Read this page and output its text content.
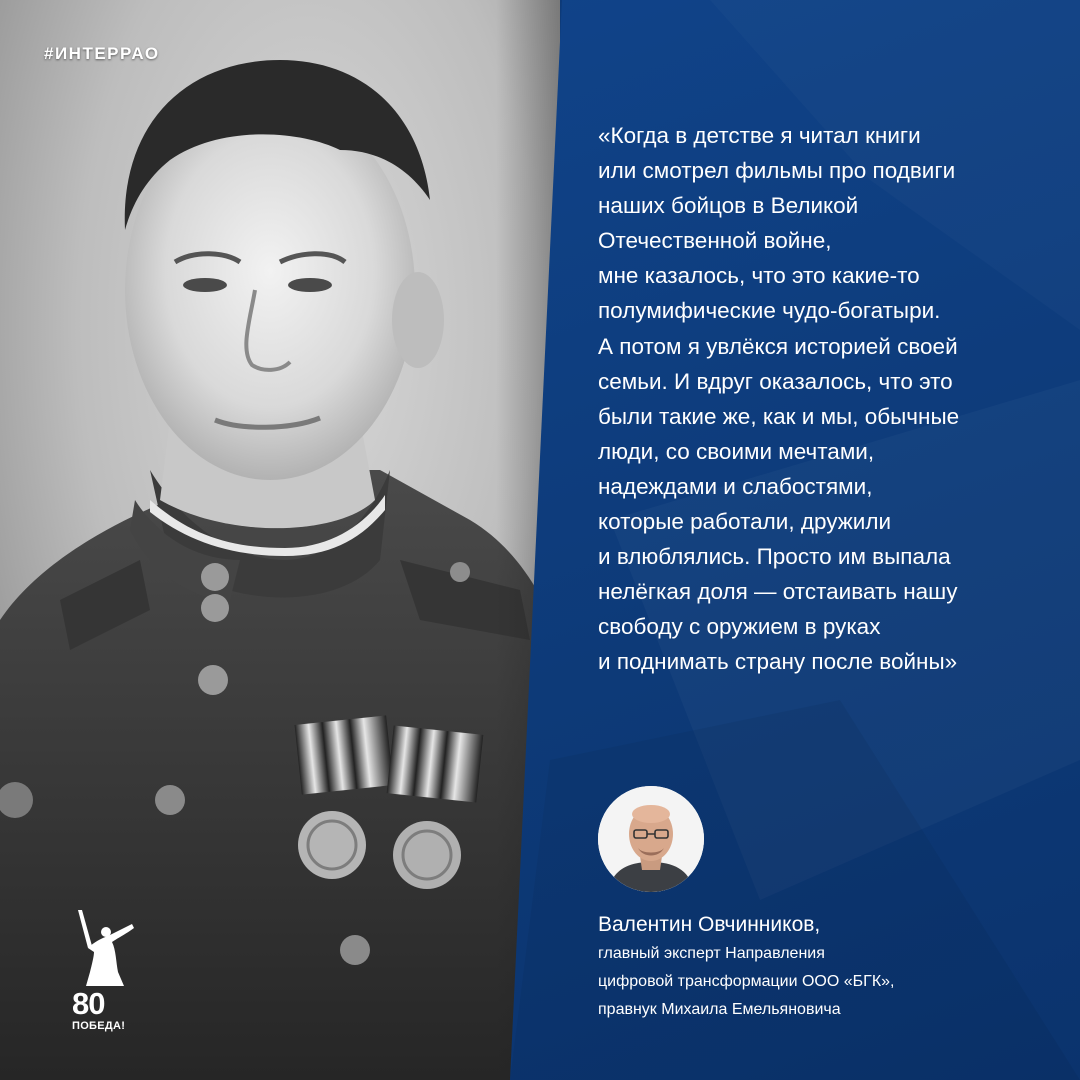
#ИНТЕРРАО
80
ПОБЕДА!
«Когда в детстве я читал книги
или смотрел фильмы про подвиги
наших бойцов в Великой
Отечественной войне,
мне казалось, что это какие-то
полумифические чудо-богатыри.
А потом я увлёкся историей своей
семьи. И вдруг оказалось, что это
были такие же, как и мы, обычные
люди, со своими мечтами,
надеждами и слабостями,
которые работали, дружили
и влюблялись. Просто им выпала
нелёгкая доля — отстаивать нашу
свободу с оружием в руках
и поднимать страну после войны»
Валентин Овчинников,
главный эксперт Направления
цифровой трансформации ООО «БГК»,
правнук Михаила Емельяновича
